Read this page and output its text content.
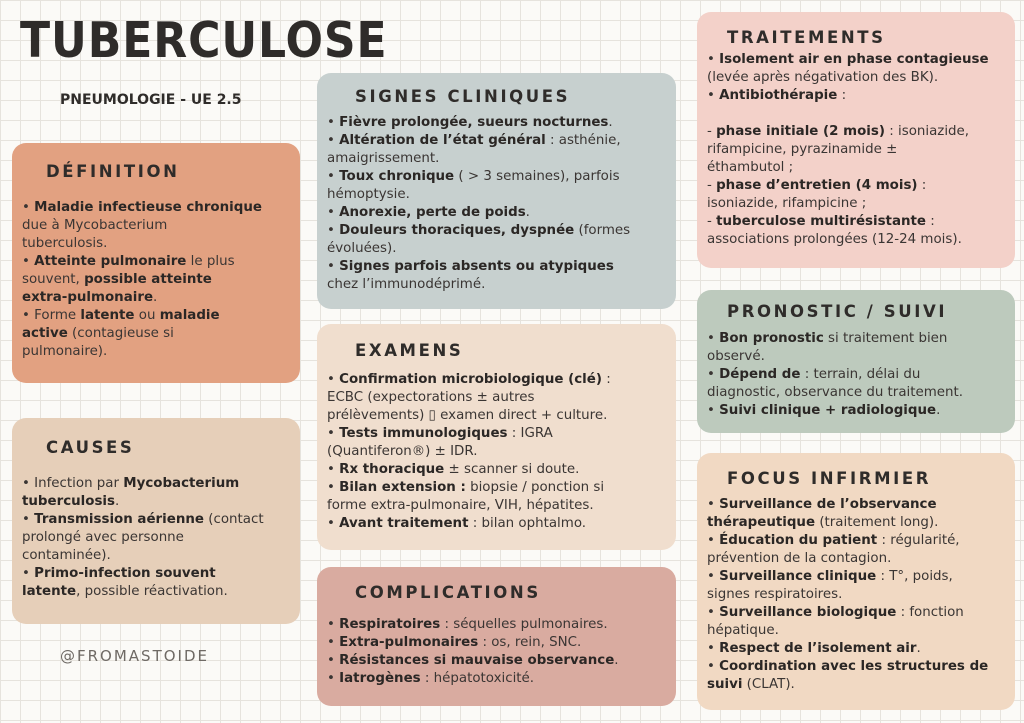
TUBERCULOSE
PNEUMOLOGIE - UE 2.5
@FROMASTOIDE
DÉFINITION

• Maladie infectieuse chronique
due à Mycobacterium
tuberculosis.
• Atteinte pulmonaire le plus
souvent, possible atteinte
extra-pulmonaire.
• Forme latente ou maladie
active (contagieuse si
pulmonaire).

CAUSES

• Infection par Mycobacterium
tuberculosis.
• Transmission aérienne (contact
prolongé avec personne
contaminée).
• Primo-infection souvent
latente, possible réactivation.

SIGNES CLINIQUES

• Fièvre prolongée, sueurs nocturnes.
• Altération de l’état général : asthénie,
amaigrissement.
• Toux chronique ( > 3 semaines), parfois
hémoptysie.
• Anorexie, perte de poids.
• Douleurs thoraciques, dyspnée (formes
évoluées).
• Signes parfois absents ou atypiques
chez l’immunodéprimé.

EXAMENS

• Confirmation microbiologique (clé) :
ECBC (expectorations ± autres
prélèvements) ▯ examen direct + culture.
• Tests immunologiques : IGRA
(Quantiferon®) ± IDR.
• Rx thoracique ± scanner si doute.
• Bilan extension : biopsie / ponction si
forme extra-pulmonaire, VIH, hépatites.
• Avant traitement : bilan ophtalmo.

COMPLICATIONS

• Respiratoires : séquelles pulmonaires.
• Extra-pulmonaires : os, rein, SNC.
• Résistances si mauvaise observance.
• Iatrogènes : hépatotoxicité.

TRAITEMENTS

• Isolement air en phase contagieuse
(levée après négativation des BK).
• Antibiothérapie :

- phase initiale (2 mois) : isoniazide,
rifampicine, pyrazinamide ±
éthambutol ;
- phase d’entretien (4 mois) :
isoniazide, rifampicine ;
- tuberculose multirésistante :
associations prolongées (12-24 mois).

PRONOSTIC / SUIVI

• Bon pronostic si traitement bien
observé.
• Dépend de : terrain, délai du
diagnostic, observance du traitement.
• Suivi clinique + radiologique.

FOCUS INFIRMIER

• Surveillance de l’observance
thérapeutique (traitement long).
• Éducation du patient : régularité,
prévention de la contagion.
• Surveillance clinique : T°, poids,
signes respiratoires.
• Surveillance biologique : fonction
hépatique.
• Respect de l’isolement air.
• Coordination avec les structures de
suivi (CLAT).
